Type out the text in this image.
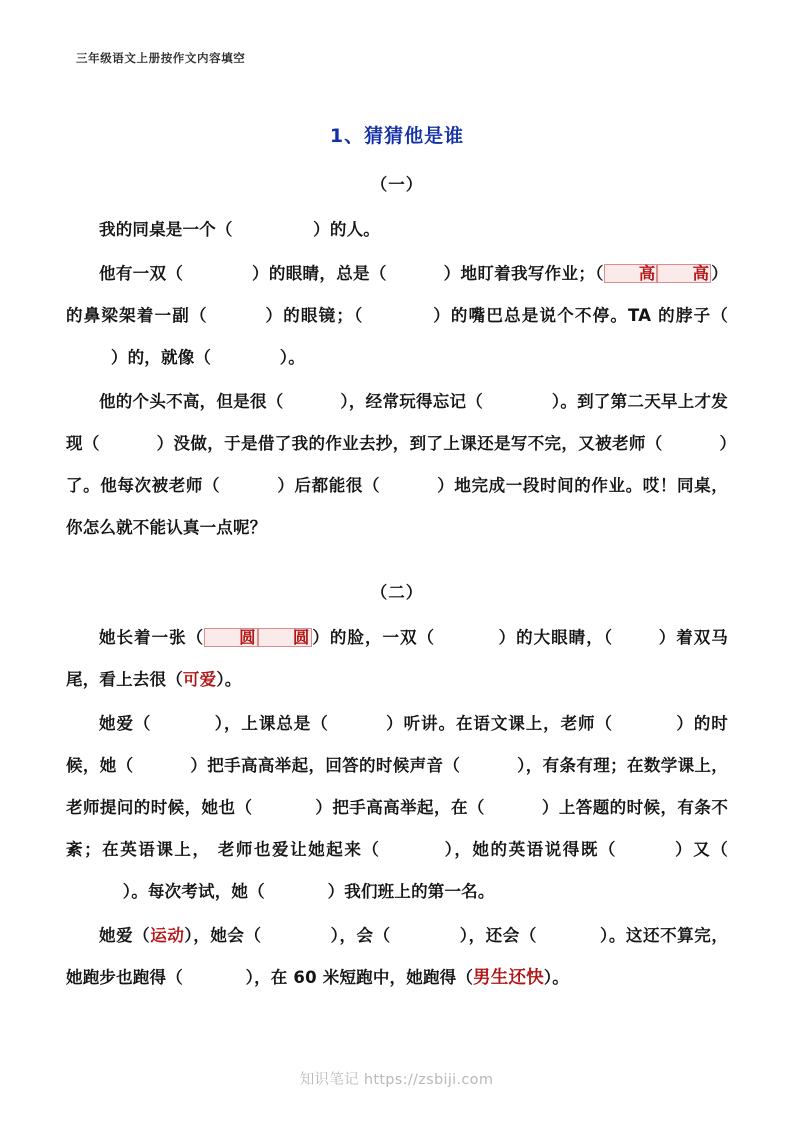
三年级语文上册按作文内容填空
1、猜猜他是谁
（一）

我的同桌是一个（	）的人。

他有一双（	）的眼睛，总是（	）地盯着我写作业；（ 高 高 ）的鼻梁架着一副（	）的眼镜；（	）的嘴巴总是说个不停。TA 的脖子（  ）的，就像（	）。

他的个头不高，但是很（	），经常玩得忘记（	）。到了第二天早上才发现（	）没做，于是借了我的作业去抄，到了上课还是写不完，又被老师（	）了。他每次被老师（	）后都能很（	）地完成一段时间的作业。哎！同桌，你怎么就不能认真一点呢？

（二）

她长着一张（ 圆 圆 ）的脸，一双（	）的大眼睛，（	）着双马尾，看上去很（可爱）。

她爱（	），上课总是（	）听讲。在语文课上，老师（	）的时候，她（	）把手高高举起，回答的时候声音（	），有条有理；在数学课上，老师提问的时候，她也（	）把手高高举起，在（	）上答题的时候，有条不紊；在英语课上， 老师也爱让她起来（	），她的英语说得既（	）又（    ）。每次考试，她（	）我们班上的第一名。

她爱（运动），她会（	），会（	），还会（	）。这还不算完，她跑步也跑得（	），在 60 米短跑中，她跑得（男生还快）。

知识笔记 https://zsbiji.com
